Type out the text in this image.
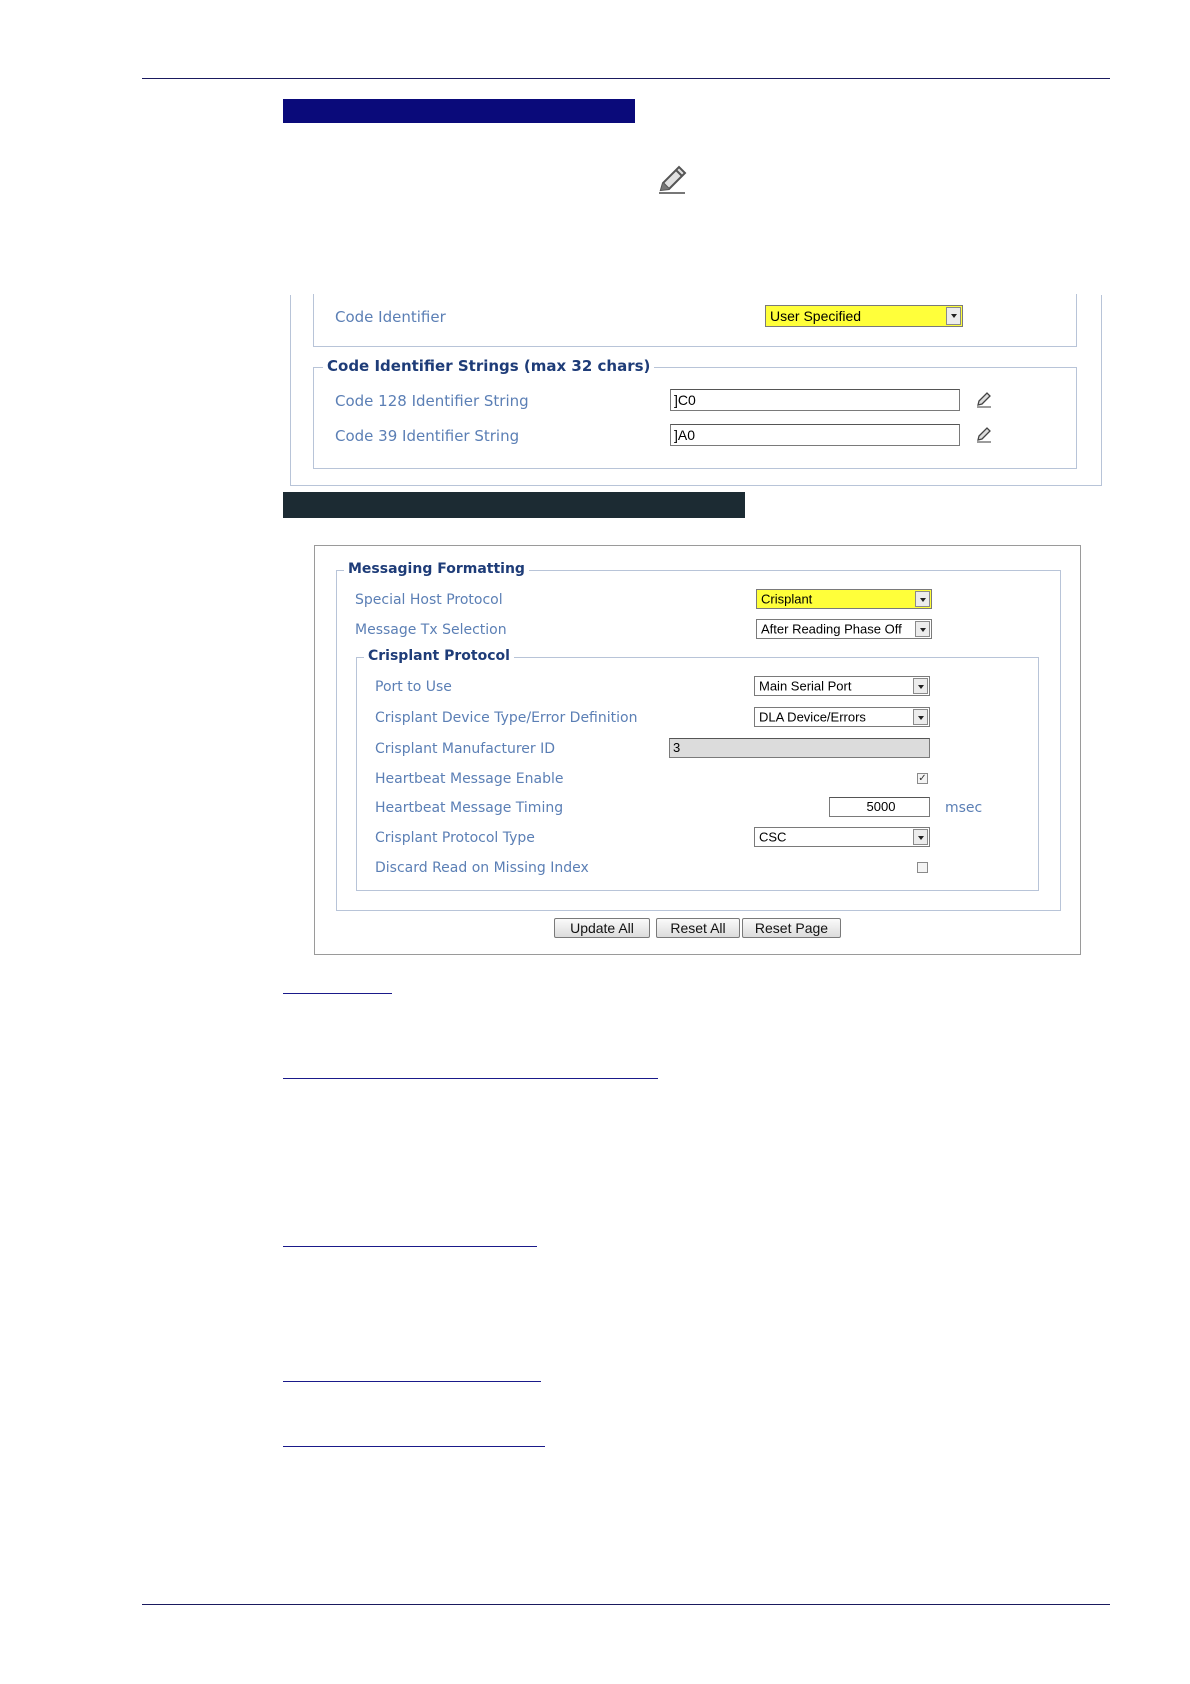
Code Identifier	User Specified
Code Identifier Strings (max 32 chars)
Code 128 Identifier String	]C0
Code 39 Identifier String	]A0
Messaging Formatting
Special Host Protocol	Crisplant
Message Tx Selection	After Reading Phase Off
Crisplant Protocol
Port to Use	Main Serial Port
Crisplant Device Type/Error Definition	DLA Device/Errors
Crisplant Manufacturer ID	3
Heartbeat Message Enable	✓
Heartbeat Message Timing	5000	msec
Crisplant Protocol Type	CSC
Discard Read on Missing Index
Update All	Reset All	Reset Page
